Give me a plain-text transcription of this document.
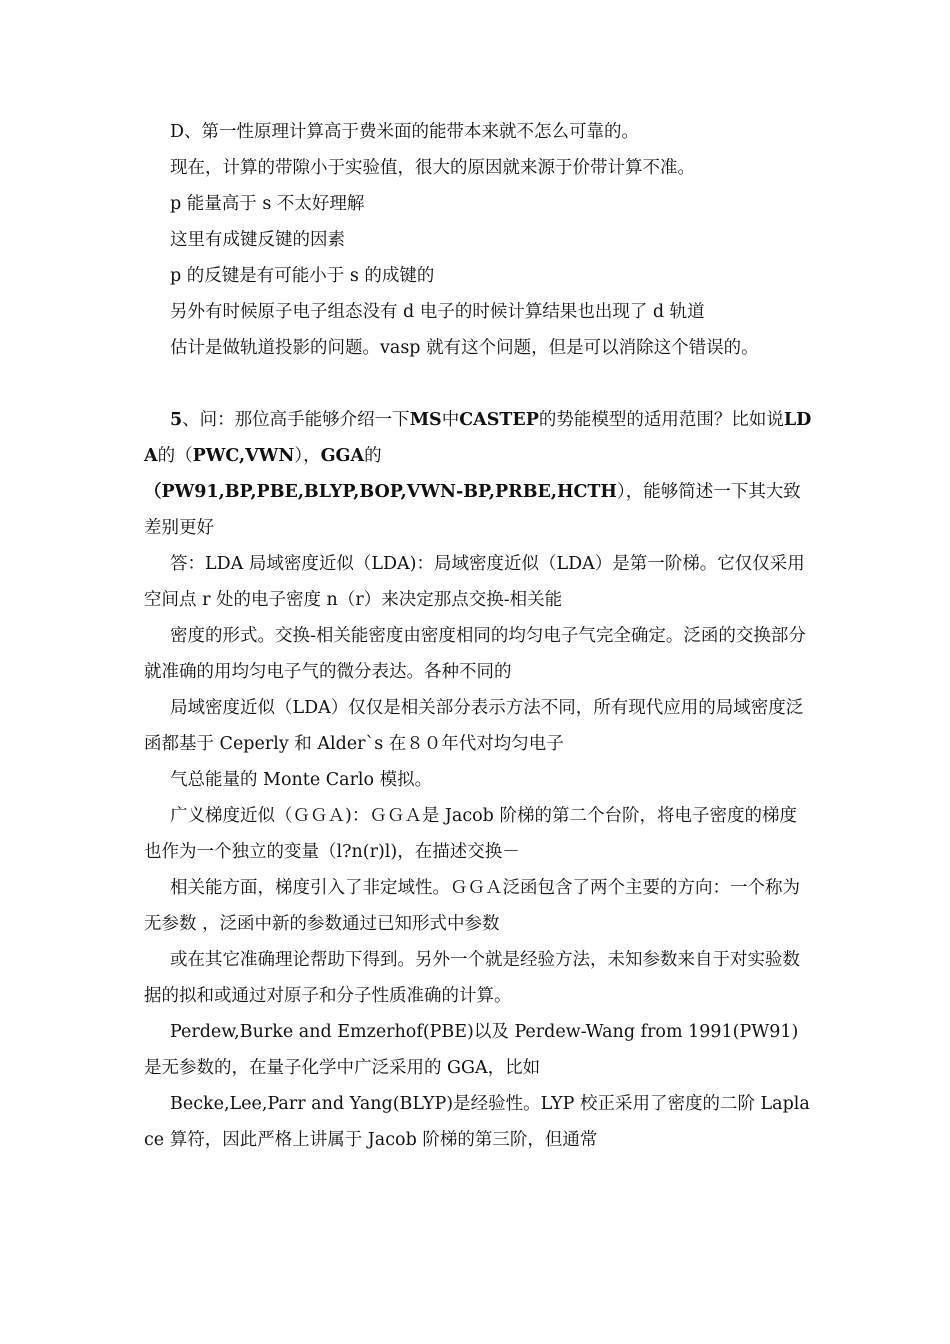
D、第一性原理计算高于费米面的能带本来就不怎么可靠的。

现在，计算的带隙小于实验值，很大的原因就来源于价带计算不准。

p 能量高于 s 不太好理解

这里有成键反键的因素

p 的反键是有可能小于 s 的成键的

另外有时候原子电子组态没有 d 电子的时候计算结果也出现了 d 轨道

估计是做轨道投影的问题。vasp 就有这个问题，但是可以消除这个错误的。

5、问：那位高手能够介绍一下MS中CASTEP的势能模型的适用范围？比如说LDA的（PWC,VWN），GGA的
（PW91,BP,PBE,BLYP,BOP,VWN-BP,PRBE,HCTH），能够简述一下其大致差别更好

答：LDA 局域密度近似（LDA)：局域密度近似（LDA）是第一阶梯。它仅仅采用空间点 r 处的电子密度 n（r）来决定那点交换-相关能

密度的形式。交换-相关能密度由密度相同的均匀电子气完全确定。泛函的交换部分就准确的用均匀电子气的微分表达。各种不同的

局域密度近似（LDA）仅仅是相关部分表示方法不同，所有现代应用的局域密度泛函都基于 Ceperly 和 Alder`s 在８０年代对均匀电子

气总能量的 Monte Carlo 模拟。

广义梯度近似（ＧＧＡ)：ＧＧＡ是 Jacob 阶梯的第二个台阶，将电子密度的梯度也作为一个独立的变量（l?n(r)l)，在描述交换－

相关能方面，梯度引入了非定域性。ＧＧＡ泛函包含了两个主要的方向：一个称为 无参数 ，泛函中新的参数通过已知形式中参数

或在其它准确理论帮助下得到。另外一个就是经验方法，未知参数来自于对实验数据的拟和或通过对原子和分子性质准确的计算。

Perdew,Burke and Emzerhof(PBE)以及 Perdew-Wang from 1991(PW91)是无参数的，在量子化学中广泛采用的 GGA，比如

Becke,Lee,Parr and Yang(BLYP)是经验性。LYP 校正采用了密度的二阶 Laplace 算符，因此严格上讲属于 Jacob 阶梯的第三阶，但通常
